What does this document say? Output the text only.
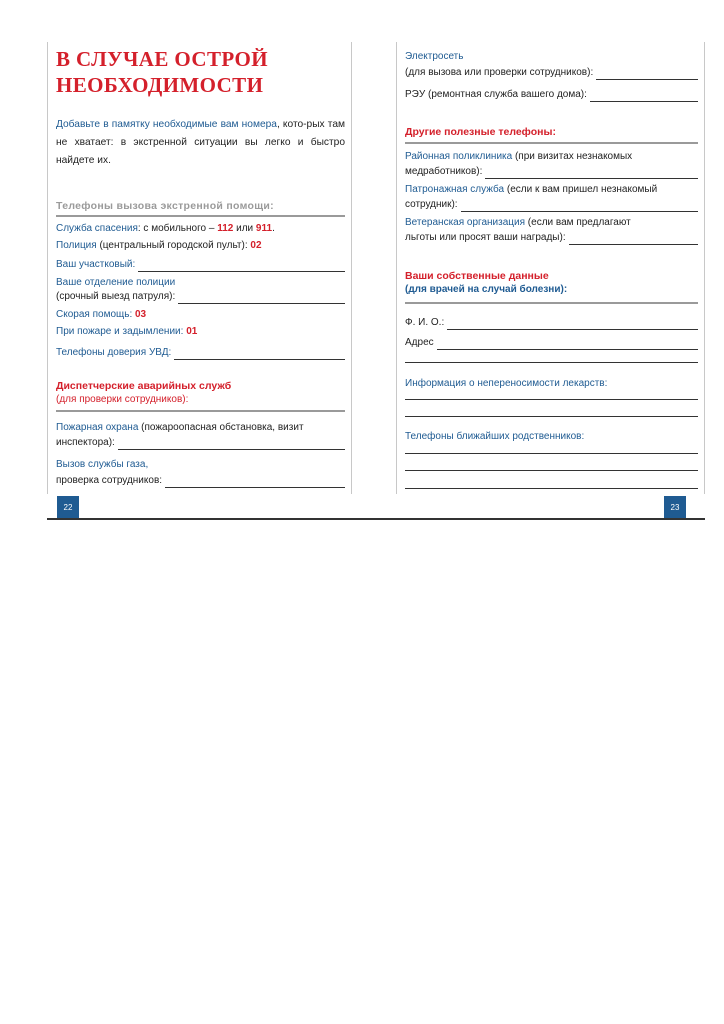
В СЛУЧАЕ ОСТРОЙ
НЕОБХОДИМОСТИ
Добавьте в памятку необходимые вам номера, кото-рых там не хватает: в экстренной ситуации вы легко и быстро найдете их.
Телефоны вызова экстренной помощи:
Служба спасения: с мобильного – 112 или 911.
Полиция (центральный городской пульт): 02
Ваш участковый:
Ваше отделение полиции
(срочный выезд патруля):
Скорая помощь: 03
При пожаре и задымлении: 01
Телефоны доверия УВД:
Диспетчерские аварийных служб
(для проверки сотрудников):
Пожарная охрана (пожароопасная обстановка, визит
инспектора):
Вызов службы газа,
проверка сотрудников:
Электросеть
(для вызова или проверки сотрудников):
РЭУ (ремонтная служба вашего дома):
Другие полезные телефоны:
Районная поликлиника (при визитах незнакомых
медработников):
Патронажная служба (если к вам пришел незнакомый
сотрудник):
Ветеранская организация (если вам предлагают
льготы или просят ваши награды):
Ваши собственные данные
(для врачей на случай болезни):
Ф. И. О.:
Адрес
Информация о непереносимости лекарств:
Телефоны ближайших родственников:
22	23
